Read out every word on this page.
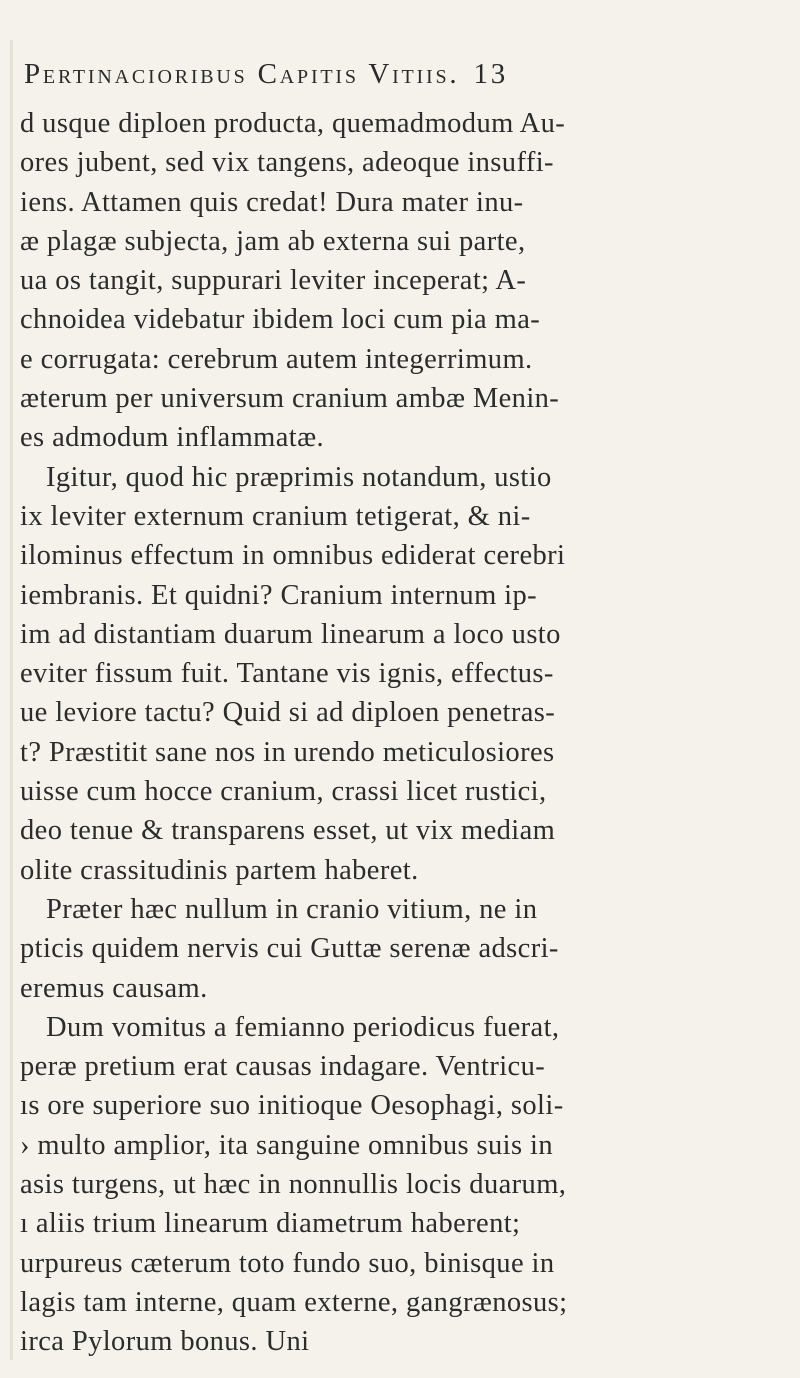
Pertinacioribus Capitis Vitiis. 13
d usque diploen producta, quemadmodum Au-
ores jubent, sed vix tangens, adeoque insuffi-
iens. Attamen quis credat! Dura mater inu-
æ plagæ subjecta, jam ab externa sui parte,
ua os tangit, suppurari leviter inceperat; A-
chnoidea videbatur ibidem loci cum pia ma-
e corrugata: cerebrum autem integerrimum.
æterum per universum cranium ambæ Menin-
es admodum inflammatæ.
Igitur, quod hic præprimis notandum, ustio
ix leviter externum cranium tetigerat, & ni-
ilominus effectum in omnibus ediderat cerebri
iembranis. Et quidni? Cranium internum ip-
im ad distantiam duarum linearum a loco usto
eviter fissum fuit. Tantane vis ignis, effectus-
ue leviore tactu? Quid si ad diploen penetras-
t? Præstitit sane nos in urendo meticulosiores
uisse cum hocce cranium, crassi licet rustici,
deo tenue & transparens esset, ut vix mediam
olite crassitudinis partem haberet.
Præter hæc nullum in cranio vitium, ne in
pticis quidem nervis cui Guttæ serenæ adscri-
eremus causam.
Dum vomitus a femianno periodicus fuerat,
peræ pretium erat causas indagare. Ventricu-
ıs ore superiore suo initioque Oesophagi, soli-
› multo amplior, ita sanguine omnibus suis in
asis turgens, ut hæc in nonnullis locis duarum,
ı aliis trium linearum diametrum haberent;
urpureus cæterum toto fundo suo, binisque in
lagis tam interne, quam externe, gangrænosus;
irca Pylorum bonus. Uni
